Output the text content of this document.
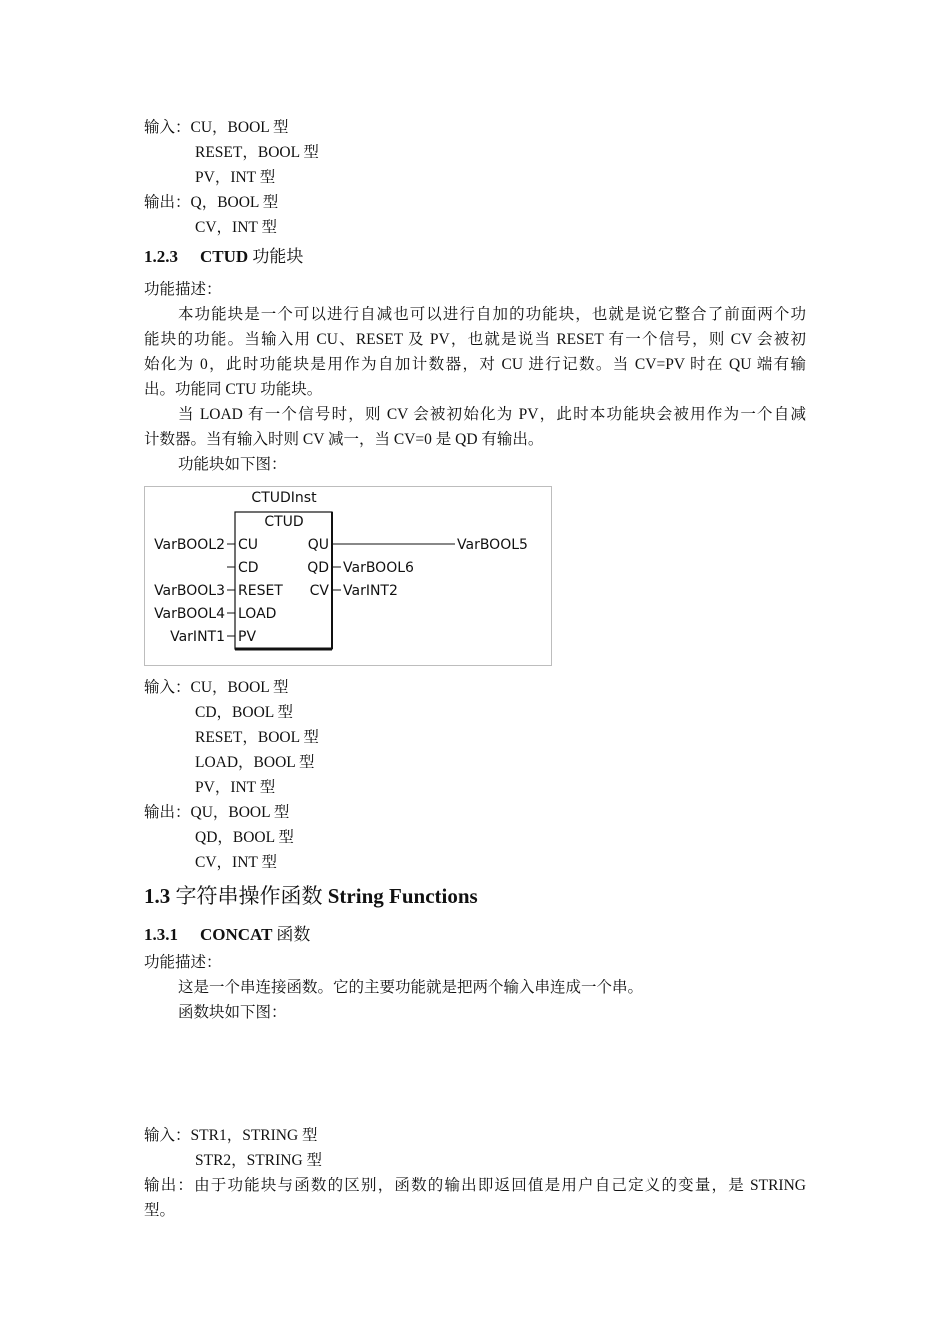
输入：CU，BOOL 型
RESET，BOOL 型
PV，INT 型
输出：Q，BOOL 型
CV，INT 型
1.2.3 CTUD 功能块
功能描述：
本功能块是一个可以进行自减也可以进行自加的功能块，也就是说它整合了前面两个功
能块的功能。当输入用 CU、RESET 及 PV，也就是说当 RESET 有一个信号，则 CV 会被初
始化为 0，此时功能块是用作为自加计数器，对 CU 进行记数。当 CV=PV 时在 QU 端有输
出。功能同 CTU 功能块。
当 LOAD 有一个信号时，则 CV 会被初始化为 PV，此时本功能块会被用作为一个自减
计数器。当有输入时则 CV 减一，当 CV=0 是 QD 有输出。
功能块如下图：
CTUDInst
CTUD
CU
CD
RESET
LOAD
PV
QU
QD
CV
VarBOOL2
VarBOOL3
VarBOOL4
VarINT1
VarBOOL5
VarBOOL6
VarINT2
输入：CU，BOOL 型
CD，BOOL 型
RESET，BOOL 型
LOAD，BOOL 型
PV，INT 型
输出：QU，BOOL 型
QD，BOOL 型
CV，INT 型
1.3 字符串操作函数 String Functions
1.3.1 CONCAT 函数
功能描述：
这是一个串连接函数。它的主要功能就是把两个输入串连成一个串。
函数块如下图：
输入：STR1，STRING 型
STR2，STRING 型
输出：由于功能块与函数的区别，函数的输出即返回值是用户自己定义的变量，是 STRING
型。
